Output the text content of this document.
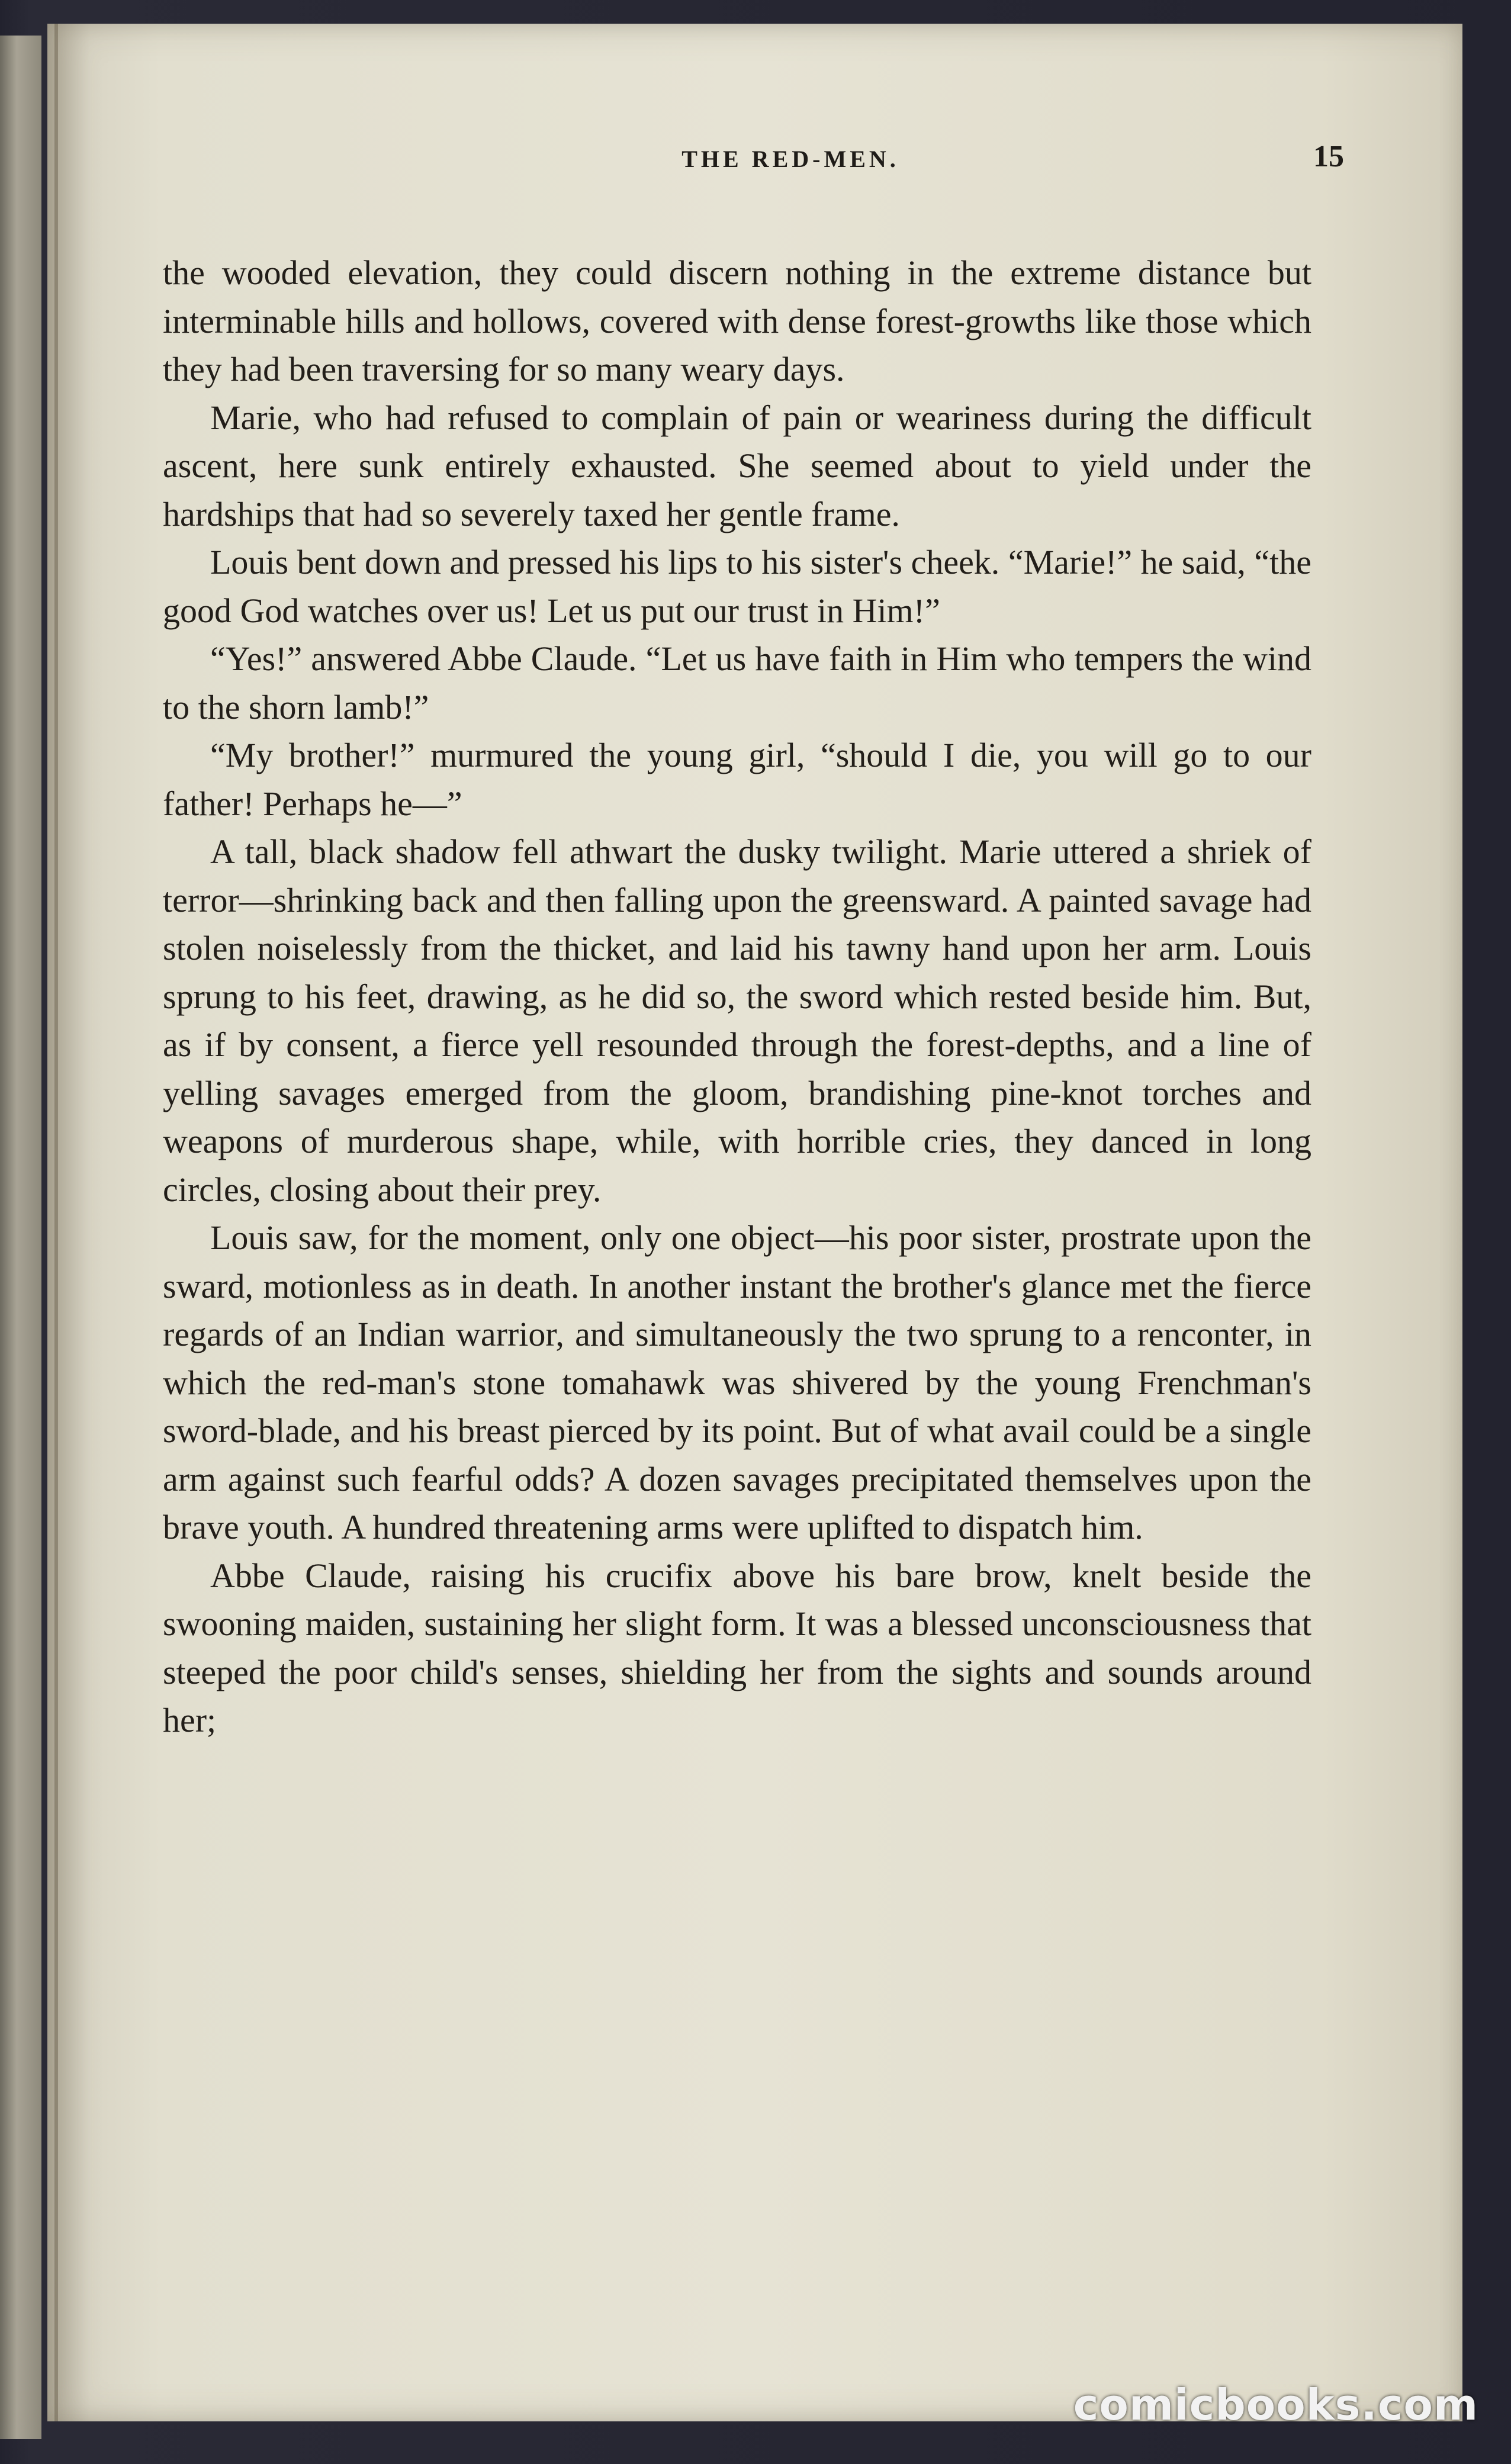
THE RED-MEN.	15

the wooded elevation, they could discern nothing in the extreme distance but interminable hills and hollows, covered with dense forest-growths like those which they had been traversing for so many weary days.

Marie, who had refused to complain of pain or weariness during the difficult ascent, here sunk entirely exhausted. She seemed about to yield under the hardships that had so severely taxed her gentle frame.

Louis bent down and pressed his lips to his sister's cheek. “Marie!” he said, “the good God watches over us! Let us put our trust in Him!”

“Yes!” answered Abbe Claude. “Let us have faith in Him who tempers the wind to the shorn lamb!”

“My brother!” murmured the young girl, “should I die, you will go to our father! Perhaps he—”

A tall, black shadow fell athwart the dusky twilight. Marie uttered a shriek of terror—shrinking back and then falling upon the greensward. A painted savage had stolen noiselessly from the thicket, and laid his tawny hand upon her arm. Louis sprung to his feet, drawing, as he did so, the sword which rested beside him. But, as if by consent, a fierce yell resounded through the forest-depths, and a line of yelling savages emerged from the gloom, brandishing pine-knot torches and weapons of murderous shape, while, with horrible cries, they danced in long circles, closing about their prey.

Louis saw, for the moment, only one object—his poor sister, prostrate upon the sward, motionless as in death. In another instant the brother's glance met the fierce regards of an Indian warrior, and simultaneously the two sprung to a renconter, in which the red-man's stone tomahawk was shivered by the young Frenchman's sword-blade, and his breast pierced by its point. But of what avail could be a single arm against such fearful odds? A dozen savages precipitated themselves upon the brave youth. A hundred threatening arms were uplifted to dispatch him.

Abbe Claude, raising his crucifix above his bare brow, knelt beside the swooning maiden, sustaining her slight form. It was a blessed unconsciousness that steeped the poor child's senses, shielding her from the sights and sounds around her;

comicbooks.com
